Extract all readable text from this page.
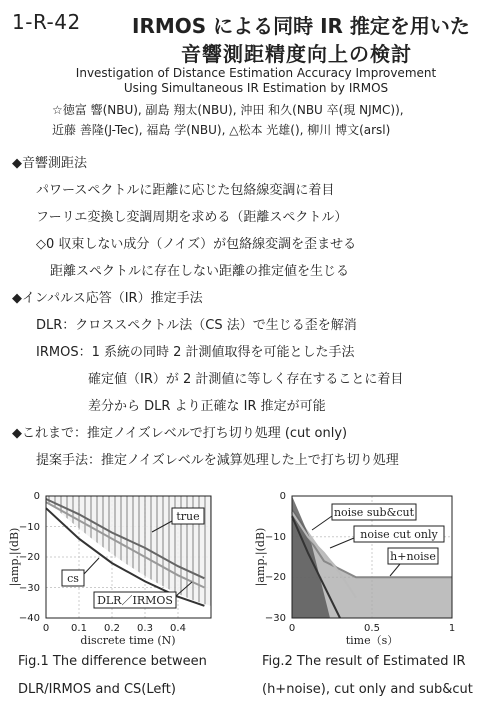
1-R-42	IRMOS による同時 IR 推定を用いた
音響測距精度向上の検討
Investigation of Distance Estimation Accuracy Improvement
Using Simultaneous IR Estimation by IRMOS
☆徳富 響(NBU), 副島 翔太(NBU), 沖田 和久(NBU 卒(現 NJMC)),
近藤 善隆(J-Tec), 福島 学(NBU), △松本 光雄(), 柳川 博文(arsl)
◆音響測距法
パワースペクトルに距離に応じた包絡線変調に着目
フーリエ変換し変調周期を求める（距離スペクトル）
◇0 収束しない成分（ノイズ）が包絡線変調を歪ませる
距離スペクトルに存在しない距離の推定値を生じる
◆インパルス応答（IR）推定手法
DLR：クロススペクトル法（CS 法）で生じる歪を解消
IRMOS：1 系統の同時 2 計測値取得を可能とした手法
確定値（IR）が 2 計測値に等しく存在することに着目
差分から DLR より正確な IR 推定が可能
◆これまで：推定ノイズレベルで打ち切り処理 (cut only)
提案手法：推定ノイズレベルを減算処理した上で打ち切り処理
0
−10
−20
−30
−40
0 0.1 0.2 0.3 0.4
discrete time (N)
|amp.|(dB)
true
cs
DLR／IRMOS
0
−10
−20
−30
0	0.5	1
time（s）
|amp.|(dB)
noise sub&cut
noise cut only
h+noise
Fig.1 The difference between
DLR/IRMOS and CS(Left)
Fig.2 The result of Estimated IR
(h+noise), cut only and sub&cut
